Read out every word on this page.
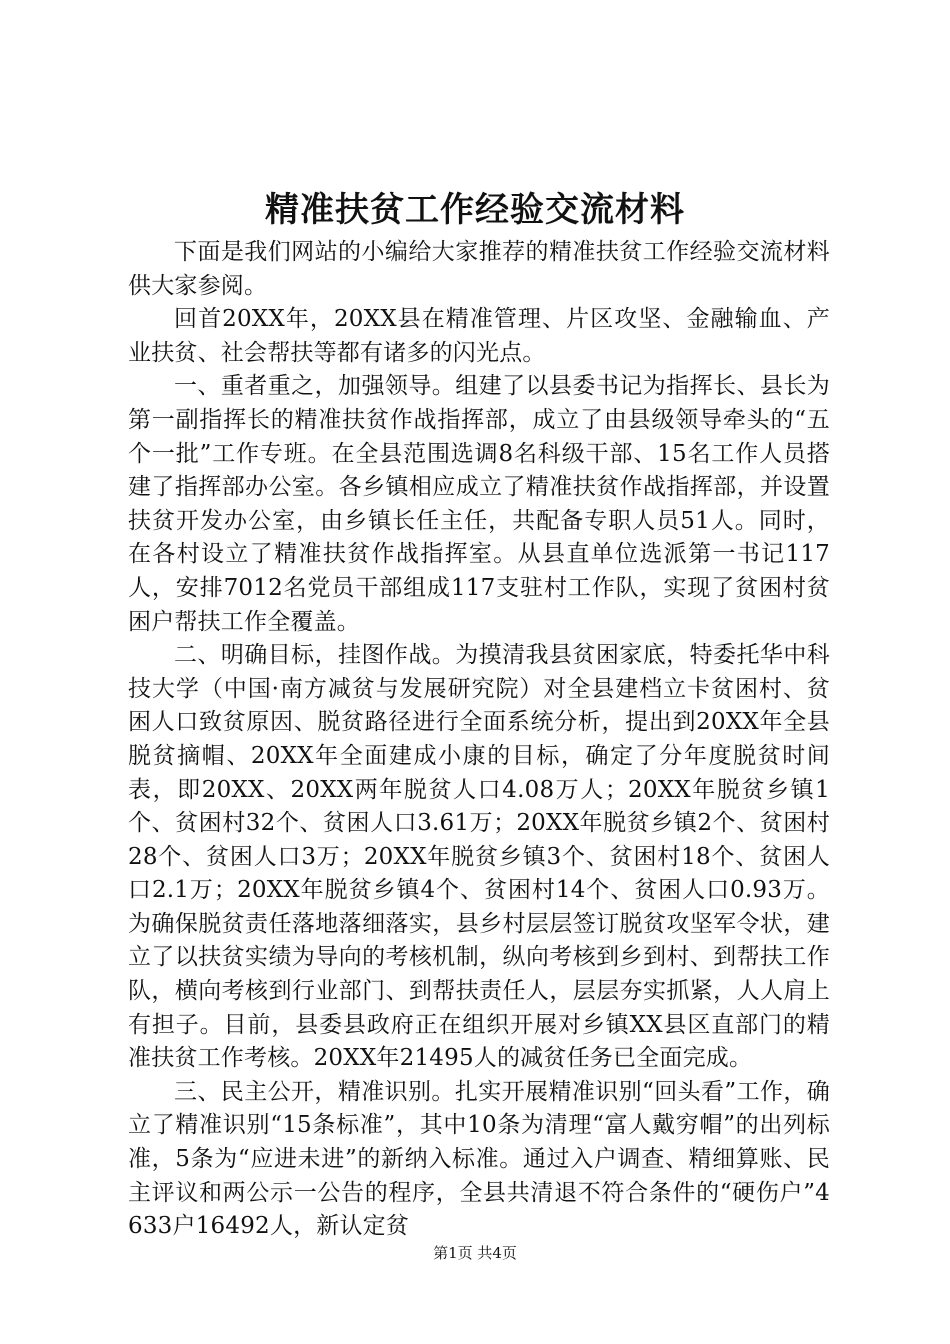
精准扶贫工作经验交流材料

下面是我们网站的小编给大家推荐的精准扶贫工作经验交流材料供大家参阅。

回首20XX年，20XX县在精准管理、片区攻坚、金融输血、产业扶贫、社会帮扶等都有诸多的闪光点。

一、重者重之，加强领导。组建了以县委书记为指挥长、县长为第一副指挥长的精准扶贫作战指挥部，成立了由县级领导牵头的“五个一批”工作专班。在全县范围选调8名科级干部、15名工作人员搭建了指挥部办公室。各乡镇相应成立了精准扶贫作战指挥部，并设置扶贫开发办公室，由乡镇长任主任，共配备专职人员51人。同时，在各村设立了精准扶贫作战指挥室。从县直单位选派第一书记117人，安排7012名党员干部组成117支驻村工作队，实现了贫困村贫困户帮扶工作全覆盖。

二、明确目标，挂图作战。为摸清我县贫困家底，特委托华中科技大学（中国·南方减贫与发展研究院）对全县建档立卡贫困村、贫困人口致贫原因、脱贫路径进行全面系统分析，提出到20XX年全县脱贫摘帽、20XX年全面建成小康的目标，确定了分年度脱贫时间表，即20XX、20XX两年脱贫人口4.08万人；20XX年脱贫乡镇1个、贫困村32个、贫困人口3.61万；20XX年脱贫乡镇2个、贫困村28个、贫困人口3万；20XX年脱贫乡镇3个、贫困村18个、贫困人口2.1万；20XX年脱贫乡镇4个、贫困村14个、贫困人口0.93万。为确保脱贫责任落地落细落实，县乡村层层签订脱贫攻坚军令状，建立了以扶贫实绩为导向的考核机制，纵向考核到乡到村、到帮扶工作队，横向考核到行业部门、到帮扶责任人，层层夯实抓紧，人人肩上有担子。目前，县委县政府正在组织开展对乡镇XX县区直部门的精准扶贫工作考核。20XX年21495人的减贫任务已全面完成。

三、民主公开，精准识别。扎实开展精准识别“回头看”工作，确立了精准识别“15条标准”，其中10条为清理“富人戴穷帽”的出列标准，5条为“应进未进”的新纳入标准。通过入户调查、精细算账、民主评议和两公示一公告的程序，全县共清退不符合条件的“硬伤户”4633户16492人，新认定贫

第1页 共4页
